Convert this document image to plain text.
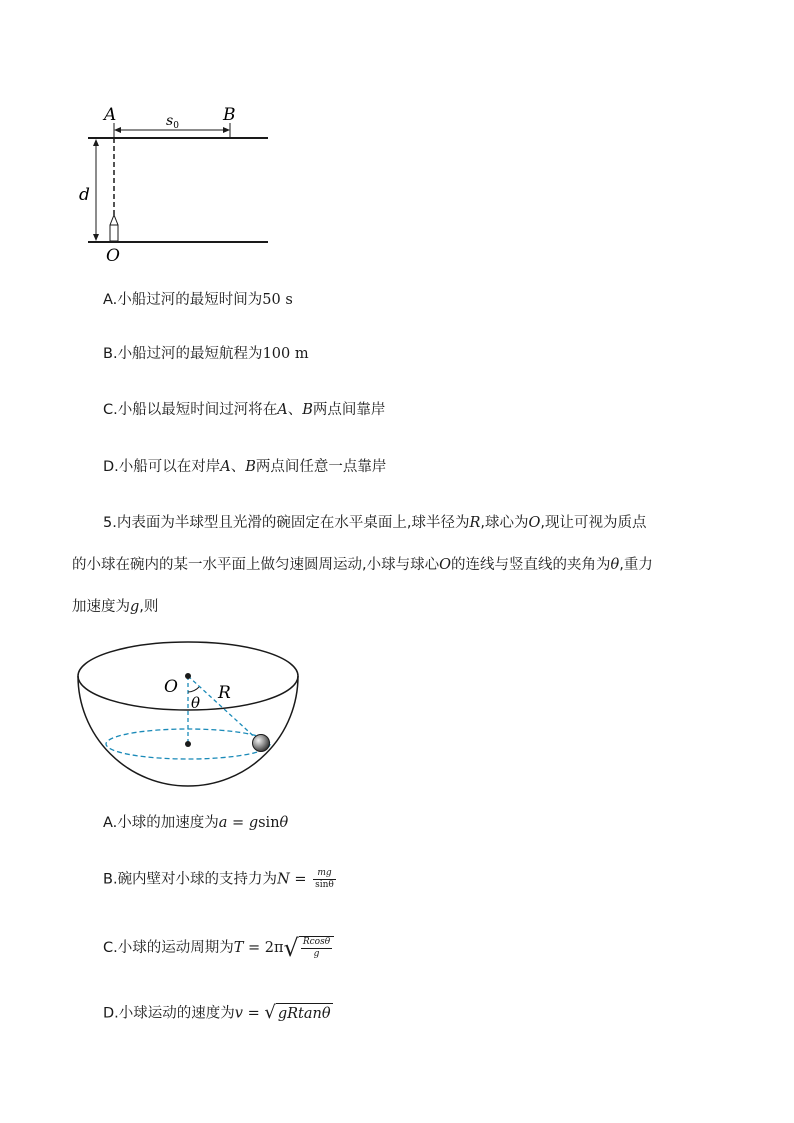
A	B
$s_0$
d
O
A.小船过河的最短时间为50 s
B.小船过河的最短航程为100 m
C.小船以最短时间过河将在A、B两点间靠岸
D.小船可以在对岸A、B两点间任意一点靠岸
5.内表面为半球型且光滑的碗固定在水平桌面上,球半径为R,球心为O,现让可视为质点
的小球在碗内的某一水平面上做匀速圆周运动,小球与球心O的连线与竖直线的夹角为θ,重力
加速度为g,则
O
θ R
A.小球的加速度为a = gsinθ
B.碗内壁对小球的支持力为$N = \frac{mg}{\sin\theta}$
C.小球的运动周期为$T = 2\pi√ \frac{Rcos\theta}{g}$
D.小球运动的速度为v = √ gRtanθ
